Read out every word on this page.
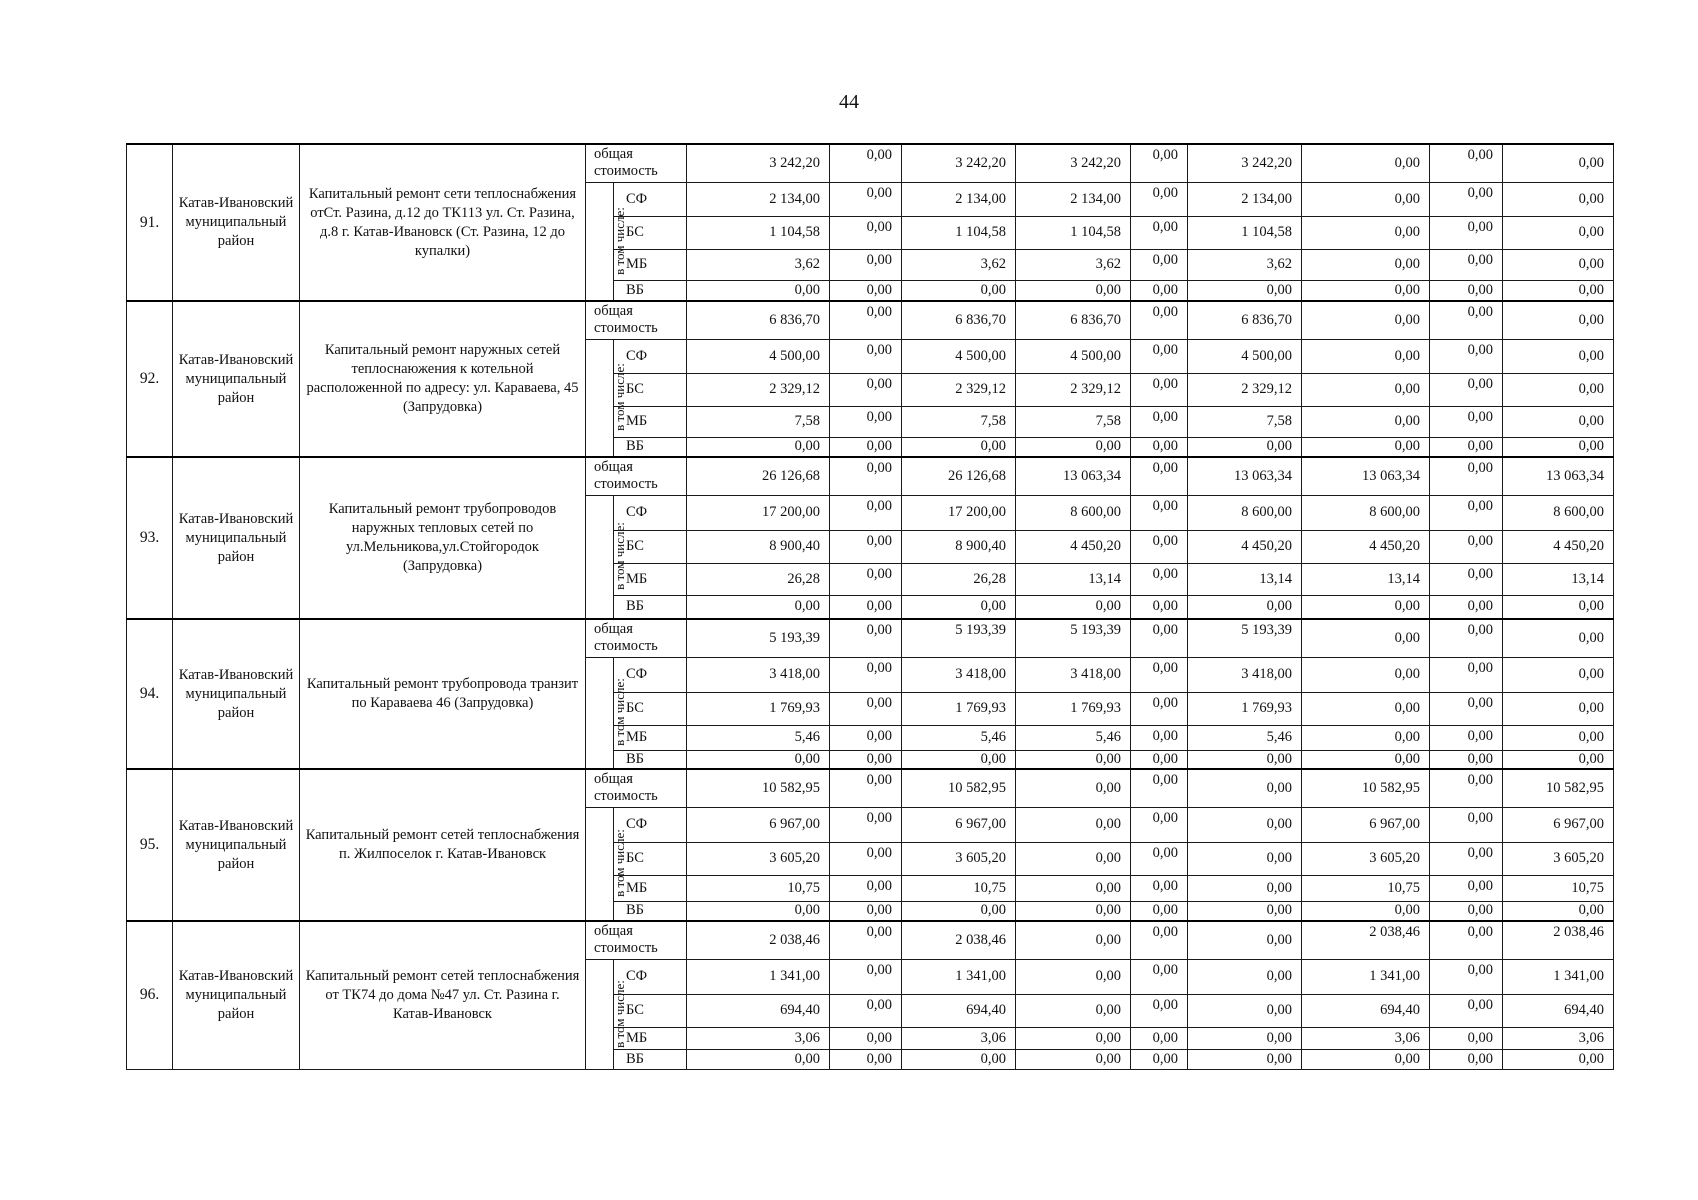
44
91.	Катав-Ивановский муниципальный район	Капитальный ремонт сети теплоснабжения отСт. Разина, д.12 до ТК113 ул. Ст. Разина, д.8 г. Катав-Ивановск (Ст. Разина, 12 до купалки)	общая стоимость		3 242,20	0,00	3 242,20	3 242,20	0,00	3 242,20	0,00	0,00	0,00
			в том числе:	СФ	2 134,00	0,00	2 134,00	2 134,00	0,00	2 134,00	0,00	0,00	0,00
				БС	1 104,58	0,00	1 104,58	1 104,58	0,00	1 104,58	0,00	0,00	0,00
				МБ	3,62	0,00	3,62	3,62	0,00	3,62	0,00	0,00	0,00
				ВБ	0,00	0,00	0,00	0,00	0,00	0,00	0,00	0,00	0,00
92.	Катав-Ивановский муниципальный район	Капитальный ремонт наружных сетей теплоснаюжения к котельной расположенной по адресу: ул. Караваева, 45 (Запрудовка)	общая стоимость		6 836,70	0,00	6 836,70	6 836,70	0,00	6 836,70	0,00	0,00	0,00
			в том числе:	СФ	4 500,00	0,00	4 500,00	4 500,00	0,00	4 500,00	0,00	0,00	0,00
				БС	2 329,12	0,00	2 329,12	2 329,12	0,00	2 329,12	0,00	0,00	0,00
				МБ	7,58	0,00	7,58	7,58	0,00	7,58	0,00	0,00	0,00
				ВБ	0,00	0,00	0,00	0,00	0,00	0,00	0,00	0,00	0,00
93.	Катав-Ивановский муниципальный район	Капитальный ремонт трубопроводов наружных тепловых сетей по ул.Мельникова,ул.Стойгородок (Запрудовка)	общая стоимость		26 126,68	0,00	26 126,68	13 063,34	0,00	13 063,34	13 063,34	0,00	13 063,34
			в том числе:	СФ	17 200,00	0,00	17 200,00	8 600,00	0,00	8 600,00	8 600,00	0,00	8 600,00
				БС	8 900,40	0,00	8 900,40	4 450,20	0,00	4 450,20	4 450,20	0,00	4 450,20
				МБ	26,28	0,00	26,28	13,14	0,00	13,14	13,14	0,00	13,14
				ВБ	0,00	0,00	0,00	0,00	0,00	0,00	0,00	0,00	0,00
94.	Катав-Ивановский муниципальный район	Капитальный ремонт трубопровода транзит по Караваева 46 (Запрудовка)	общая стоимость		5 193,39	0,00	5 193,39	5 193,39	0,00	5 193,39	0,00	0,00	0,00
			в том числе:	СФ	3 418,00	0,00	3 418,00	3 418,00	0,00	3 418,00	0,00	0,00	0,00
				БС	1 769,93	0,00	1 769,93	1 769,93	0,00	1 769,93	0,00	0,00	0,00
				МБ	5,46	0,00	5,46	5,46	0,00	5,46	0,00	0,00	0,00
				ВБ	0,00	0,00	0,00	0,00	0,00	0,00	0,00	0,00	0,00
95.	Катав-Ивановский муниципальный район	Капитальный ремонт сетей теплоснабжения п. Жилпоселок г. Катав-Ивановск	общая стоимость		10 582,95	0,00	10 582,95	0,00	0,00	0,00	10 582,95	0,00	10 582,95
			в том числе:	СФ	6 967,00	0,00	6 967,00	0,00	0,00	0,00	6 967,00	0,00	6 967,00
				БС	3 605,20	0,00	3 605,20	0,00	0,00	0,00	3 605,20	0,00	3 605,20
				МБ	10,75	0,00	10,75	0,00	0,00	0,00	10,75	0,00	10,75
				ВБ	0,00	0,00	0,00	0,00	0,00	0,00	0,00	0,00	0,00
96.	Катав-Ивановский муниципальный район	Капитальный ремонт сетей теплоснабжения от ТК74 до дома №47 ул. Ст. Разина г. Катав-Ивановск	общая стоимость		2 038,46	0,00	2 038,46	0,00	0,00	0,00	2 038,46	0,00	2 038,46
			в том числе:	СФ	1 341,00	0,00	1 341,00	0,00	0,00	0,00	1 341,00	0,00	1 341,00
				БС	694,40	0,00	694,40	0,00	0,00	0,00	694,40	0,00	694,40
				МБ	3,06	0,00	3,06	0,00	0,00	0,00	3,06	0,00	3,06
				ВБ	0,00	0,00	0,00	0,00	0,00	0,00	0,00	0,00	0,00
